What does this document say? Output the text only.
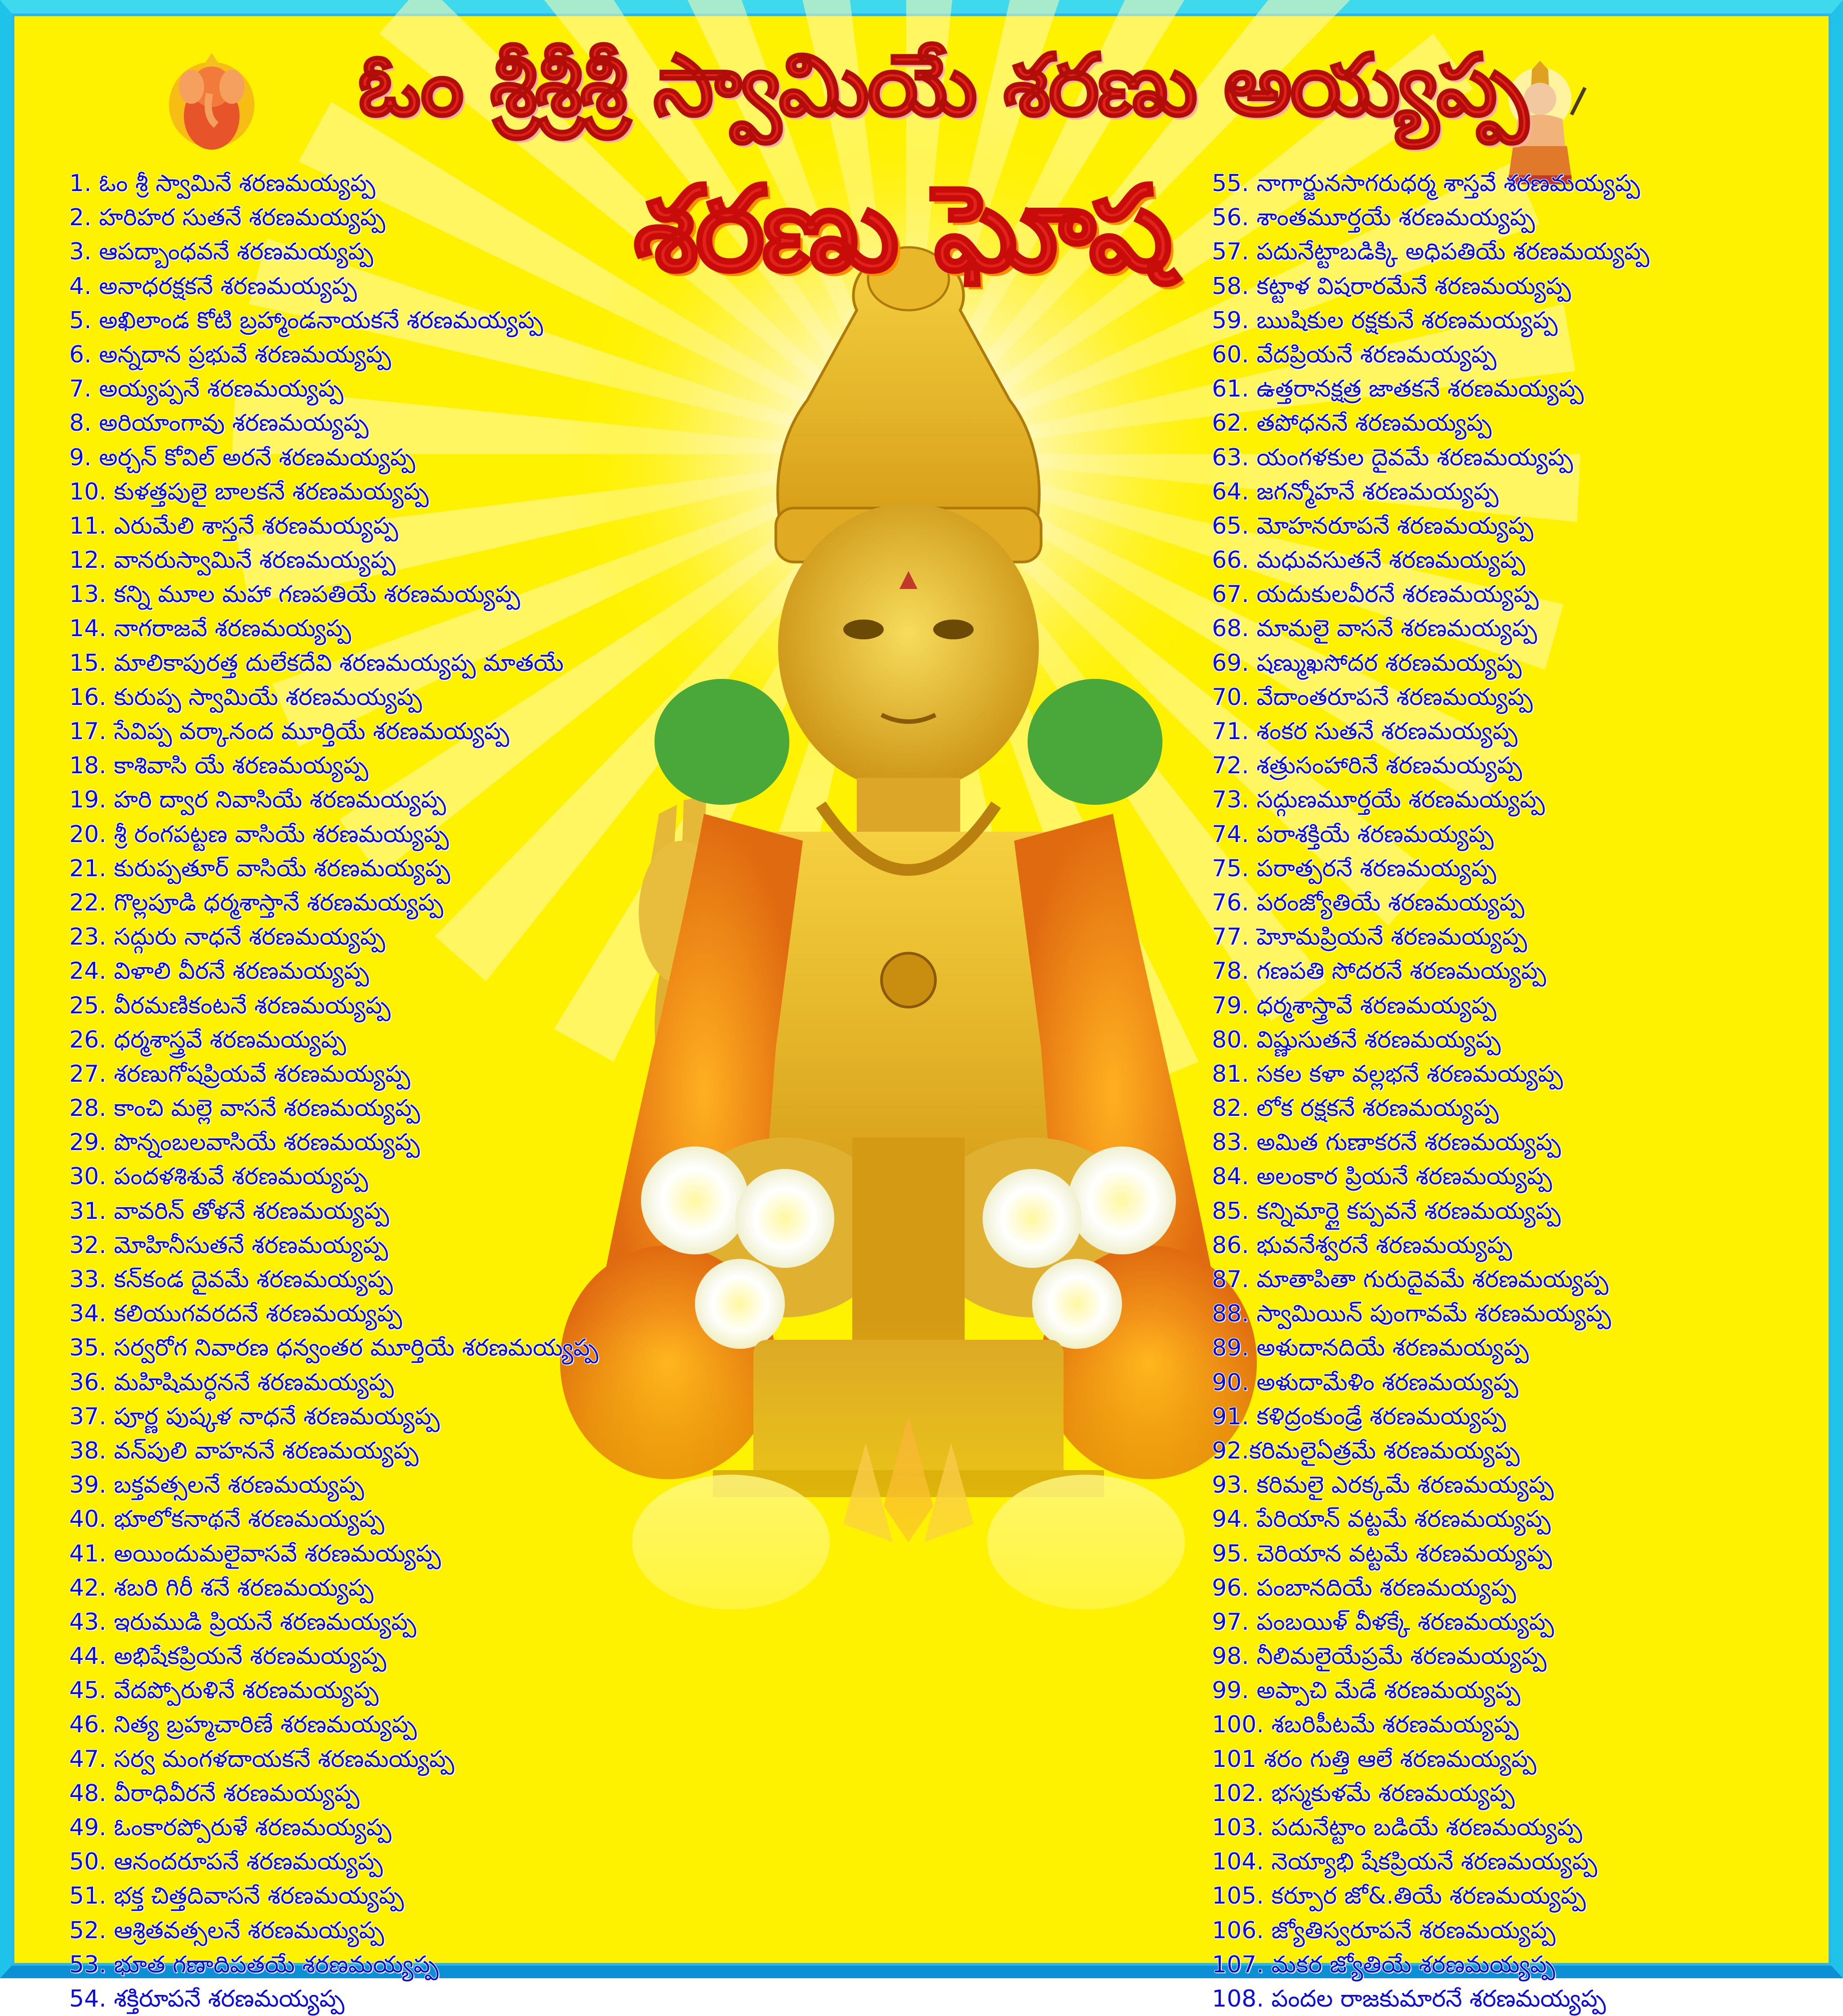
ఓం శ్రీశ్రీశ్రీ స్వామియే శరణు అయ్యప్ప
శరణు ఘోష
1. ఓం శ్రీ స్వామినే శరణమయ్యప్ప
2. హరిహర సుతనే శరణమయ్యప్ప
3. ఆపద్బాంధవనే శరణమయ్యప్ప
4. అనాధరక్షకనే శరణమయ్యప్ప
5. అఖిలాండ కోటి బ్రహ్మాండనాయకనే శరణమయ్యప్ప
6. అన్నదాన ప్రభువే శరణమయ్యప్ప
7. అయ్యప్పనే శరణమయ్యప్ప
8. అరియాంగావు శరణమయ్యప్ప
9. అర్చన్ కోవిల్ అరనే శరణమయ్యప్ప
10. కుళత్తపులై బాలకనే శరణమయ్యప్ప
11. ఎరుమేలి శాస్తనే శరణమయ్యప్ప
12. వానరుస్వామినే శరణమయ్యప్ప
13. కన్ని మూల మహా గణపతియే శరణమయ్యప్ప
14. నాగరాజవే శరణమయ్యప్ప
15. మాలికాపురత్త దులేకదేవి శరణమయ్యప్ప మాతయే
16. కురుప్ప స్వామియే శరణమయ్యప్ప
17. సేవిప్ప వర్కానంద మూర్తియే శరణమయ్యప్ప
18. కాశివాసి యే శరణమయ్యప్ప
19. హరి ద్వార నివాసియే శరణమయ్యప్ప
20. శ్రీ రంగపట్టణ వాసియే శరణమయ్యప్ప
21. కురుప్పతూర్ వాసియే శరణమయ్యప్ప
22. గొల్లపూడి ధర్మశాస్తానే శరణమయ్యప్ప
23. సద్గురు నాధనే శరణమయ్యప్ప
24. విళాలి వీరనే శరణమయ్యప్ప
25. వీరమణికంటనే శరణమయ్యప్ప
26. ధర్మశాస్త్రవే శరణమయ్యప్ప
27. శరణుగోషప్రియవే శరణమయ్యప్ప
28. కాంచి మల్లె వాసనే శరణమయ్యప్ప
29. పొన్నంబలవాసియే శరణమయ్యప్ప
30. పందళశిశువే శరణమయ్యప్ప
31. వావరిన్ తోళనే శరణమయ్యప్ప
32. మోహినీసుతనే శరణమయ్యప్ప
33. కన్‌కండ దైవమే శరణమయ్యప్ప
34. కలియుగవరదనే శరణమయ్యప్ప
35. సర్వరోగ నివారణ ధన్వంతర మూర్తియే శరణమయ్యప్ప
36. మహిషిమర్ధననే శరణమయ్యప్ప
37. పూర్ణ పుష్కళ నాధనే శరణమయ్యప్ప
38. వన్‌పులి వాహననే శరణమయ్యప్ప
39. బక్తవత్సలనే శరణమయ్యప్ప
40. భూలోకనాథనే శరణమయ్యప్ప
41. అయిందుమలైవాసవే శరణమయ్యప్ప
42. శబరి గిరీ శనే శరణమయ్యప్ప
43. ఇరుముడి ప్రియనే శరణమయ్యప్ప
44. అభిషేకప్రియనే శరణమయ్యప్ప
45. వేదప్పోరుళినే శరణమయ్యప్ప
46. నిత్య బ్రహ్మచారిణే శరణమయ్యప్ప
47. సర్వ మంగళదాయకనే శరణమయ్యప్ప
48. వీరాధివీరనే శరణమయ్యప్ప
49. ఓంకారప్పోరుళే శరణమయ్యప్ప
50. ఆనందరూపనే శరణమయ్యప్ప
51. భక్త చిత్తదివాసనే శరణమయ్యప్ప
52. ఆశ్రితవత్సలనే శరణమయ్యప్ప
53. భూత గణాదిపతయే శరణమయ్యప్ప
54. శక్తిరూపనే శరణమయ్యప్ప
55. నాగార్జునసాగరుధర్మ శాస్తవే శరణమయ్యప్ప
56. శాంతమూర్తయే శరణమయ్యప్ప
57. పదునేట్టాబడిక్కి అధిపతియే శరణమయ్యప్ప
58. కట్టాళ విషరారమేనే శరణమయ్యప్ప
59. ఋషికుల రక్షకునే శరణమయ్యప్ప
60. వేదప్రియనే శరణమయ్యప్ప
61. ఉత్తరానక్షత్ర జాతకనే శరణమయ్యప్ప
62. తపోధననే శరణమయ్యప్ప
63. యంగళకుల దైవమే శరణమయ్యప్ప
64. జగన్మోహనే శరణమయ్యప్ప
65. మోహనరూపనే శరణమయ్యప్ప
66. మధువసుతనే శరణమయ్యప్ప
67. యదుకులవీరనే శరణమయ్యప్ప
68. మామలై వాసనే శరణమయ్యప్ప
69. షణ్ముఖసోదర శరణమయ్యప్ప
70. వేదాంతరూపనే శరణమయ్యప్ప
71. శంకర సుతనే శరణమయ్యప్ప
72. శత్రుసంహారినే శరణమయ్యప్ప
73. సద్గుణమూర్తయే శరణమయ్యప్ప
74. పరాశక్తియే శరణమయ్యప్ప
75. పరాత్పరనే శరణమయ్యప్ప
76. పరంజ్యోతియే శరణమయ్యప్ప
77. హెూమప్రియనే శరణమయ్యప్ప
78. గణపతి సోదరనే శరణమయ్యప్ప
79. ధర్మశాస్త్రావే శరణమయ్యప్ప
80. విష్ణుసుతనే శరణమయ్యప్ప
81. సకల కళా వల్లభనే శరణమయ్యప్ప
82. లోక రక్షకనే శరణమయ్యప్ప
83. అమిత గుణాకరనే శరణమయ్యప్ప
84. అలంకార ప్రియనే శరణమయ్యప్ప
85. కన్నిమార్లై కప్పవనే శరణమయ్యప్ప
86. భువనేశ్వరనే శరణమయ్యప్ప
87. మాతాపితా గురుదైవమే శరణమయ్యప్ప
88. స్వామియిన్ పుంగావమే శరణమయ్యప్ప
89. అళుదానదియే శరణమయ్యప్ప
90. అళుదామేళిం శరణమయ్యప్ప
91. కళిద్రంకుండ్రే శరణమయ్యప్ప
92.కరిమలైఏత్రమే శరణమయ్యప్ప
93. కరిమలై ఎరక్కమే శరణమయ్యప్ప
94. పేరియాన్ వట్టమే శరణమయ్యప్ప
95. చెరియాన వట్టమే శరణమయ్యప్ప
96. పంబానదియే శరణమయ్యప్ప
97. పంబయిళ్ వీళక్కే శరణమయ్యప్ప
98. నీలిమలైయేప్రమే శరణమయ్యప్ప
99. అప్పాచి మేడే శరణమయ్యప్ప
100. శబరిపీటమే శరణమయ్యప్ప
101 శరం గుత్తి ఆలే శరణమయ్యప్ప
102. భస్మకుళమే శరణమయ్యప్ప
103. పదునేట్టాం బడియే శరణమయ్యప్ప
104. నెయ్యాభి షేకప్రియనే శరణమయ్యప్ప
105. కర్పూర జో&.తియే శరణమయ్యప్ప
106. జ్యోతిస్వరూపనే శరణమయ్యప్ప
107. మకర జ్యోతియే శరణమయ్యప్ప
108. పందల రాజకుమారనే శరణమయ్యప్ప
